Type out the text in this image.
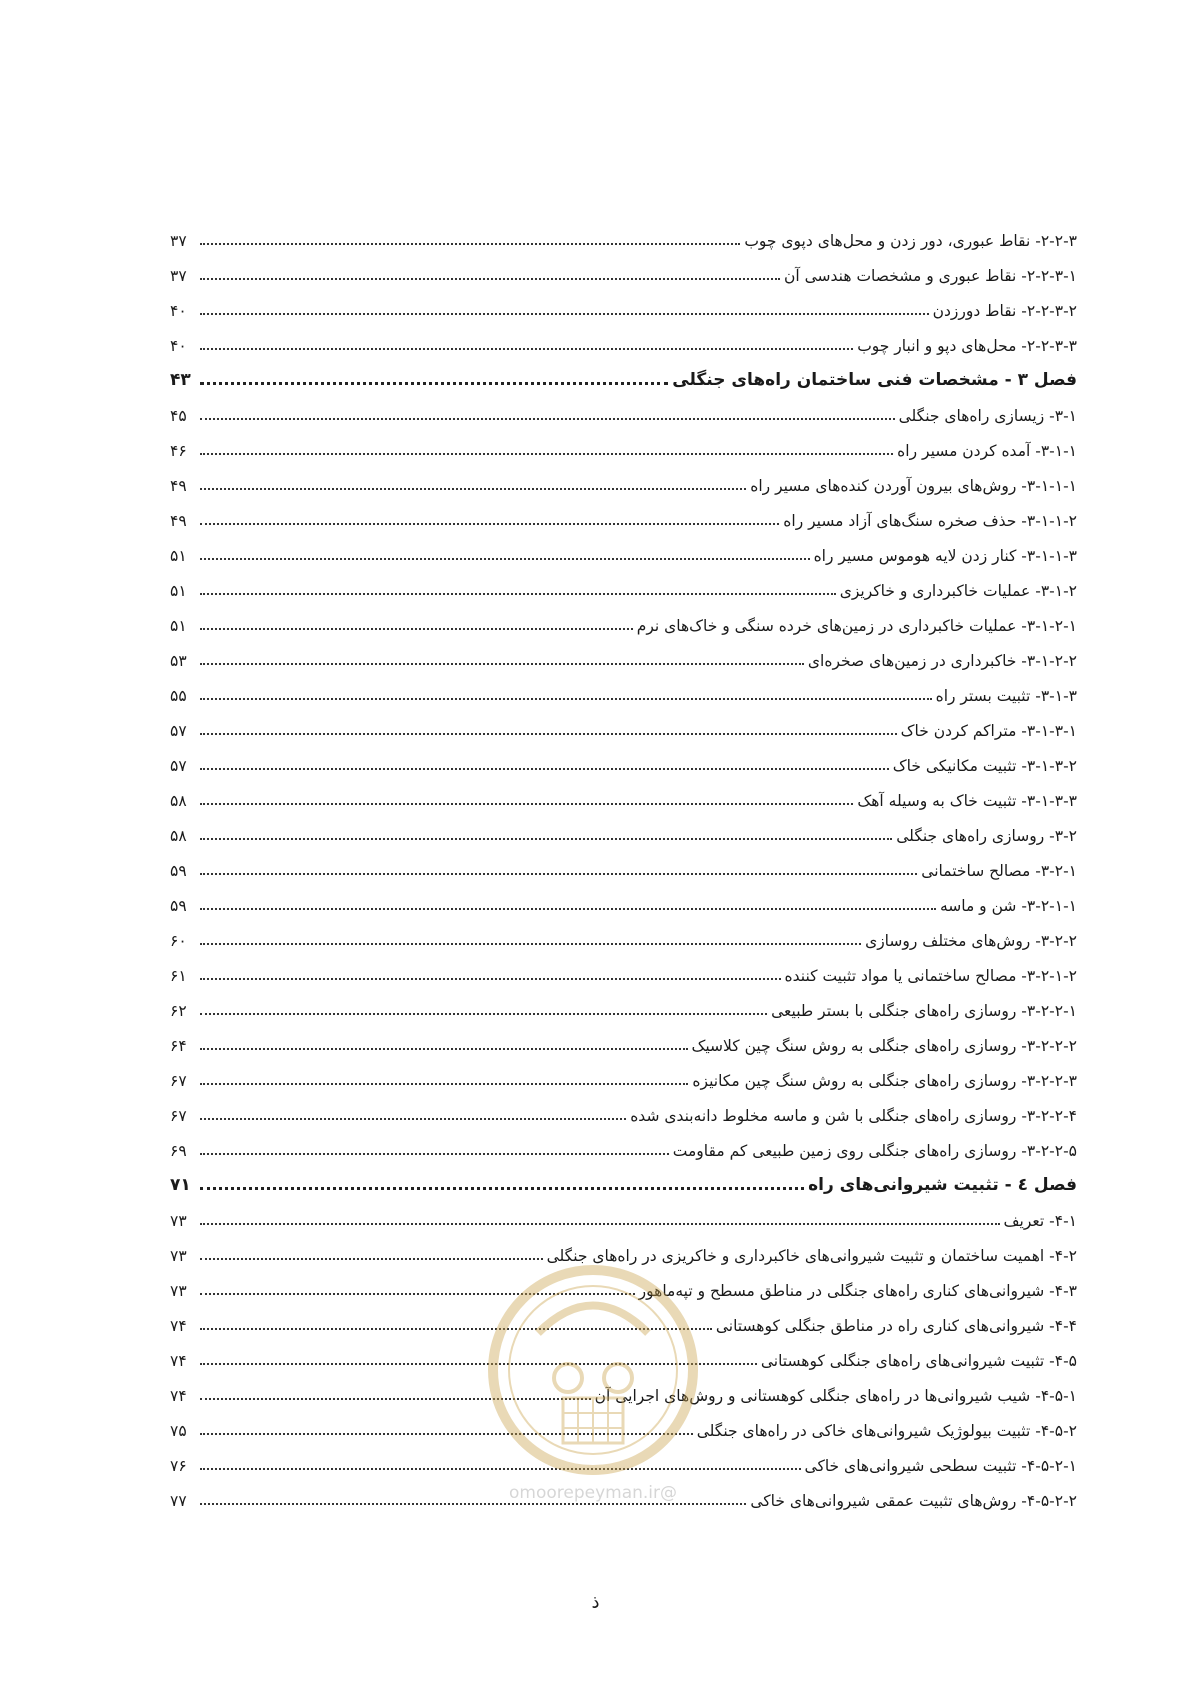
۲-۲-۳- نقاط عبوری، دور زدن و محل‌های دپوی چوب
۳۷
۲-۲-۳-۱- نقاط عبوری و مشخصات هندسی آن
۳۷
۲-۲-۳-۲- نقاط دورزدن
۴۰
۲-۲-۳-۳- محل‌های دپو و انبار چوب
۴۰
فصل ۳ - مشخصات فنی ساختمان راه‌های جنگلی
۴۳
۳-۱- زیسازی راه‌های جنگلی
۴۵
۳-۱-۱- آمده کردن مسیر راه
۴۶
۳-۱-۱-۱- روش‌های بیرون آوردن کنده‌های مسیر راه
۴۹
۳-۱-۱-۲- حذف صخره سنگ‌های آزاد مسیر راه
۴۹
۳-۱-۱-۳- کنار زدن لایه هوموس مسیر راه
۵۱
۳-۱-۲- عملیات خاکبرداری و خاکریزی
۵۱
۳-۱-۲-۱- عملیات خاکبرداری در زمین‌های خرده سنگی و خاک‌های نرم
۵۱
۳-۱-۲-۲- خاکبرداری در زمین‌های صخره‌ای
۵۳
۳-۱-۳- تثبیت بستر راه
۵۵
۳-۱-۳-۱- متراکم کردن خاک
۵۷
۳-۱-۳-۲- تثبیت مکانیکی خاک
۵۷
۳-۱-۳-۳- تثبیت خاک به وسیله آهک
۵۸
۳-۲- روسازی راه‌های جنگلی
۵۸
۳-۲-۱- مصالح ساختمانی
۵۹
۳-۲-۱-۱- شن و ماسه
۵۹
۳-۲-۲- روش‌های مختلف روسازی
۶۰
۳-۲-۱-۲- مصالح ساختمانی یا مواد تثبیت کننده
۶۱
۳-۲-۲-۱- روسازی راه‌های جنگلی با بستر طبیعی
۶۲
۳-۲-۲-۲- روسازی راه‌های جنگلی به روش سنگ چین کلاسیک
۶۴
۳-۲-۲-۳- روسازی راه‌های جنگلی به روش سنگ چین مکانیزه
۶۷
۳-۲-۲-۴- روسازی راه‌های جنگلی با شن و ماسه مخلوط دانه‌بندی شده
۶۷
۳-۲-۲-۵- روسازی راه‌های جنگلی روی زمین طبیعی کم مقاومت
۶۹
فصل ٤ - تثبیت شیروانی‌های راه
۷۱
۴-۱- تعریف
۷۳
۴-۲- اهمیت ساختمان و تثبیت شیروانی‌های خاکبرداری و خاکریزی در راه‌های جنگلی
۷۳
۴-۳- شیروانی‌های کناری راه‌های جنگلی در مناطق مسطح و تپه‌ماهور
۷۳
۴-۴- شیروانی‌های کناری راه در مناطق جنگلی کوهستانی
۷۴
۴-۵- تثبیت شیروانی‌های راه‌های جنگلی کوهستانی
۷۴
۴-۵-۱- شیب شیروانی‌ها در راه‌های جنگلی کوهستانی و روش‌های اجرایی آن
۷۴
۴-۵-۲- تثبیت بیولوژیک شیروانی‌های خاکی در راه‌های جنگلی
۷۵
۴-۵-۲-۱- تثبیت سطحی شیروانی‌های خاکی
۷۶
۴-۵-۲-۲- روش‌های تثبیت عمقی شیروانی‌های خاکی
۷۷	@omoorepeyman.ir
ذ
